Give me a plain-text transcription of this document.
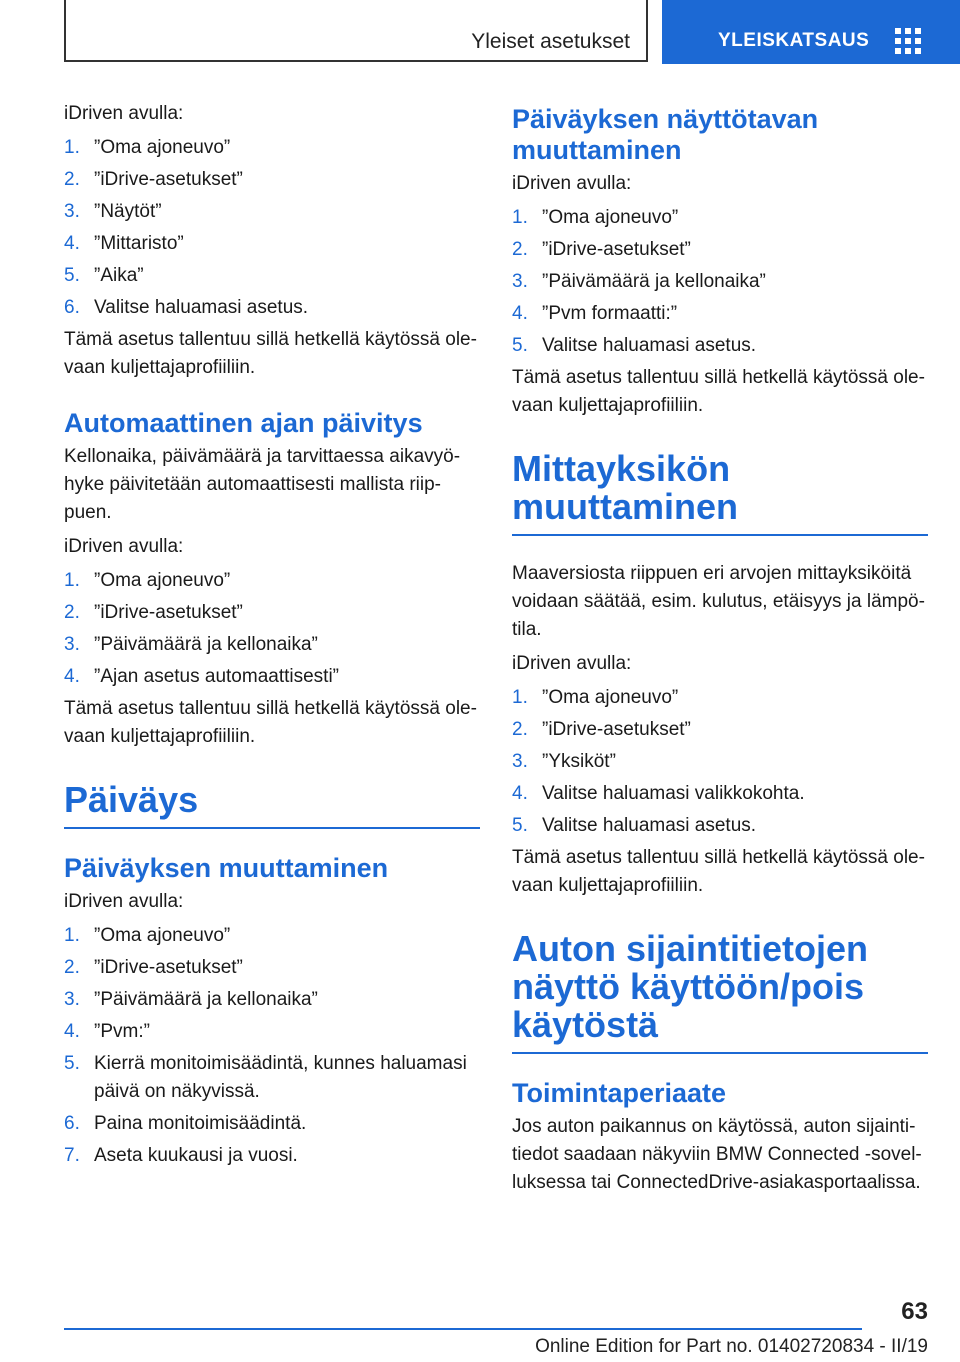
Yleiset asetukset	YLEISKATSAUS

iDriven avulla:

1. ”Oma ajoneuvo”
2. ”iDrive-asetukset”
3. ”Näytöt”
4. ”Mittaristo”
5. ”Aika”
6. Valitse haluamasi asetus.

Tämä asetus tallentuu sillä hetkellä käytössä ole-vaan kuljettajaprofiiliin.

Automaattinen ajan päivitys

Kellonaika, päivämäärä ja tarvittaessa aikavyö-hyke päivitetään automaattisesti mallista riip-puen.

iDriven avulla:

1. ”Oma ajoneuvo”
2. ”iDrive-asetukset”
3. ”Päivämäärä ja kellonaika”
4. ”Ajan asetus automaattisesti”

Tämä asetus tallentuu sillä hetkellä käytössä ole-vaan kuljettajaprofiiliin.

Päiväys
Päiväyksen muuttaminen

iDriven avulla:

1. ”Oma ajoneuvo”
2. ”iDrive-asetukset”
3. ”Päivämäärä ja kellonaika”
4. ”Pvm:”
5. Kierrä monitoimisäädintä, kunnes haluamasi päivä on näkyvissä.
6. Paina monitoimisäädintä.
7. Aseta kuukausi ja vuosi.
Päiväyksen näyttötavan muuttaminen

iDriven avulla:

1. ”Oma ajoneuvo”
2. ”iDrive-asetukset”
3. ”Päivämäärä ja kellonaika”
4. ”Pvm formaatti:”
5. Valitse haluamasi asetus.

Tämä asetus tallentuu sillä hetkellä käytössä ole-vaan kuljettajaprofiiliin.

Mittayksikön muuttaminen

Maaversiosta riippuen eri arvojen mittayksiköitä voidaan säätää, esim. kulutus, etäisyys ja lämpö-tila.

iDriven avulla:

1. ”Oma ajoneuvo”
2. ”iDrive-asetukset”
3. ”Yksiköt”
4. Valitse haluamasi valikkokohta.
5. Valitse haluamasi asetus.

Tämä asetus tallentuu sillä hetkellä käytössä ole-vaan kuljettajaprofiiliin.

Auton sijaintitietojen näyttö käyttöön/pois käytöstä
Toimintaperiaate

Jos auton paikannus on käytössä, auton sijainti-tiedot saadaan näkyviin BMW Connected -sovel-luksessa tai ConnectedDrive-asiakasportaalissa.

63
Online Edition for Part no. 01402720834 - II/19
